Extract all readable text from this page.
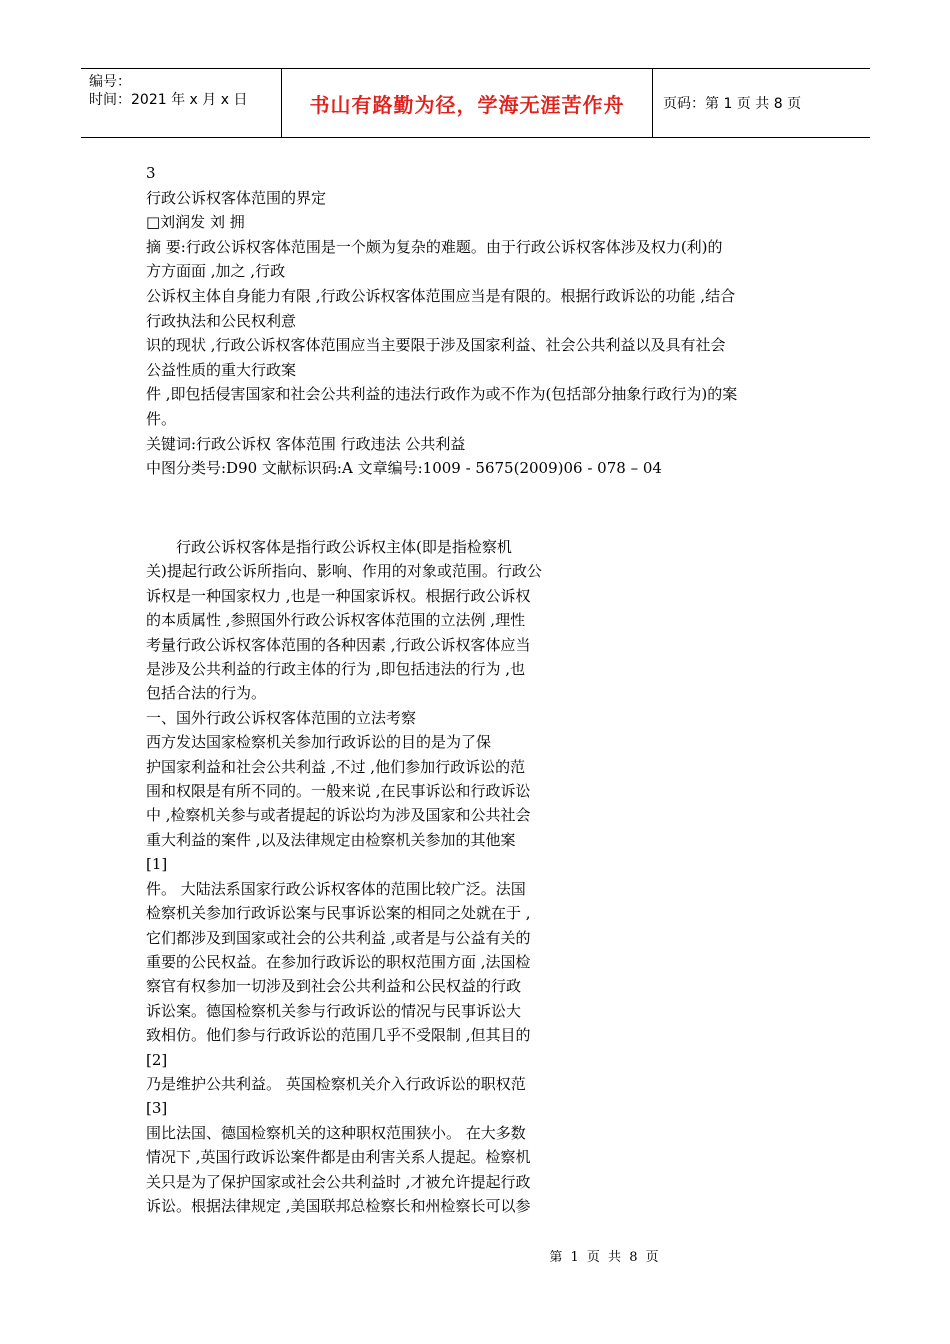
编号：
时间：2021 年 x 月 x 日	书山有路勤为径，学海无涯苦作舟	页码：第 1 页 共 8 页
3
行政公诉权客体范围的界定
□刘润发 刘 拥
摘 要:行政公诉权客体范围是一个颇为复杂的难题。由于行政公诉权客体涉及权力(利)的
方方面面 ,加之 ,行政
公诉权主体自身能力有限 ,行政公诉权客体范围应当是有限的。根据行政诉讼的功能 ,结合
行政执法和公民权利意
识的现状 ,行政公诉权客体范围应当主要限于涉及国家利益、社会公共利益以及具有社会
公益性质的重大行政案
件 ,即包括侵害国家和社会公共利益的违法行政作为或不作为(包括部分抽象行政行为)的案
件。
关键词:行政公诉权 客体范围 行政违法 公共利益
中图分类号:D90 文献标识码:A 文章编号:1009 - 5675(2009)06 - 078 – 04
行政公诉权客体是指行政公诉权主体(即是指检察机
关)提起行政公诉所指向、影响、作用的对象或范围。行政公
诉权是一种国家权力 ,也是一种国家诉权。根据行政公诉权
的本质属性 ,参照国外行政公诉权客体范围的立法例 ,理性
考量行政公诉权客体范围的各种因素 ,行政公诉权客体应当
是涉及公共利益的行政主体的行为 ,即包括违法的行为 ,也
包括合法的行为。
一、国外行政公诉权客体范围的立法考察
西方发达国家检察机关参加行政诉讼的目的是为了保
护国家利益和社会公共利益 ,不过 ,他们参加行政诉讼的范
围和权限是有所不同的。一般来说 ,在民事诉讼和行政诉讼
中 ,检察机关参与或者提起的诉讼均为涉及国家和公共社会
重大利益的案件 ,以及法律规定由检察机关参加的其他案
[1]
件。 大陆法系国家行政公诉权客体的范围比较广泛。法国
检察机关参加行政诉讼案与民事诉讼案的相同之处就在于 ,
它们都涉及到国家或社会的公共利益 ,或者是与公益有关的
重要的公民权益。在参加行政诉讼的职权范围方面 ,法国检
察官有权参加一切涉及到社会公共利益和公民权益的行政
诉讼案。德国检察机关参与行政诉讼的情况与民事诉讼大
致相仿。他们参与行政诉讼的范围几乎不受限制 ,但其目的
[2]
乃是维护公共利益。 英国检察机关介入行政诉讼的职权范
[3]
围比法国、德国检察机关的这种职权范围狭小。 在大多数
情况下 ,英国行政诉讼案件都是由利害关系人提起。检察机
关只是为了保护国家或社会公共利益时 ,才被允许提起行政
诉讼。根据法律规定 ,美国联邦总检察长和州检察长可以参
第 1 页 共 8 页
